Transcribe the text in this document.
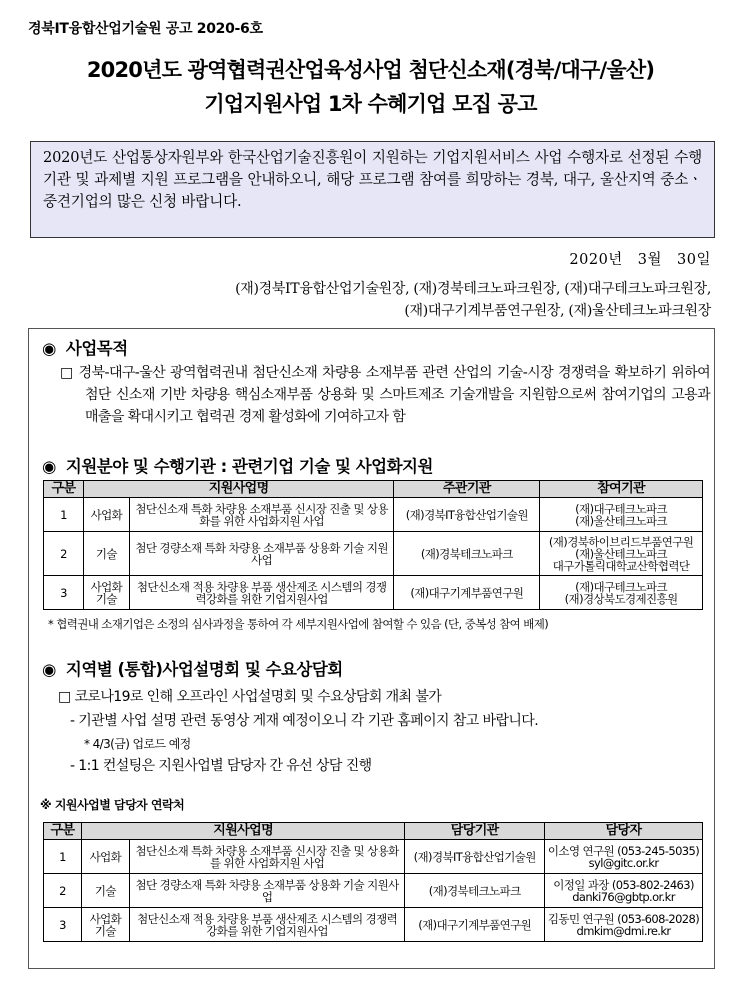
경북IT융합산업기술원 공고 2020-6호
2020년도 광역협력권산업육성사업 첨단신소재(경북/대구/울산)
기업지원사업 1차 수혜기업 모집 공고
2020년도 산업통상자원부와 한국산업기술진흥원이 지원하는 기업지원서비스 사업 수행자로 선정된 수행기관 및 과제별 지원 프로그램을 안내하오니, 해당 프로그램 참여를 희망하는 경북, 대구, 울산지역 중소ㆍ중견기업의 많은 신청 바랍니다.
2020년　3월　30일
(재)경북IT융합산업기술원장, (재)경북테크노파크원장, (재)대구테크노파크원장,
(재)대구기계부품연구원장, (재)울산테크노파크원장
◉ 사업목적
□ 경북-대구-울산 광역협력권내 첨단신소재 차량용 소재부품 관련 산업의 기술-시장 경쟁력을 확보하기 위하여 첨단 신소재 기반 차량용 핵심소재부품 상용화 및 스마트제조 기술개발을 지원함으로써 참여기업의 고용과 매출을 확대시키고 협력권 경제 활성화에 기여하고자 함
◉ 지원분야 및 수행기관 : 관련기업 기술 및 사업화지원
구분	지원사업명		주관기관	참여기관
1	사업화	첨단신소재 특화 차량용 소재부품 신시장 진출 및 상용화를 위한 사업화지원 사업	(재)경북IT융합산업기술원	(재)대구테크노파크
(재)울산테크노파크

2	기술	첨단 경량소재 특화 차량용 소재부품 상용화 기술 지원사업	(재)경북테크노파크	(재)경북하이브리드부품연구원
(재)울산테크노파크
대구가톨릭대학교산학협력단

3	사업화 기술	첨단신소재 적용 차량용 부품 생산제조 시스템의 경쟁력강화를 위한 기업지원사업	(재)대구기계부품연구원	(재)대구테크노파크
(재)경상북도경제진흥원
* 협력권내 소재기업은 소정의 심사과정을 통하여 각 세부지원사업에 참여할 수 있음 (단, 중복성 참여 배제)
◉ 지역별 (통합)사업설명회 및 수요상담회
□ 코로나19로 인해 오프라인 사업설명회 및 수요상담회 개최 불가
- 기관별 사업 설명 관련 동영상 게재 예정이오니 각 기관 홈페이지 참고 바랍니다.
* 4/3(금) 업로드 예정
- 1:1 컨설팅은 지원사업별 담당자 간 유선 상담 진행
※ 지원사업별 담당자 연락처
구분	지원사업명		담당기관	담당자
1	사업화	첨단신소재 특화 차량용 소재부품 신시장 진출 및 상용화를 위한 사업화지원 사업	(재)경북IT융합산업기술원	이소영 연구원 (053-245-5035)
syl@gitc.or.kr

2	기술	첨단 경량소재 특화 차량용 소재부품 상용화 기술 지원사업	(재)경북테크노파크	이정일 과장 (053-802-2463)
danki76@gbtp.or.kr

3	사업화 기술	첨단신소재 적용 차량용 부품 생산제조 시스템의 경쟁력강화를 위한 기업지원사업	(재)대구기계부품연구원	김동민 연구원 (053-608-2028)
dmkim@dmi.re.kr
